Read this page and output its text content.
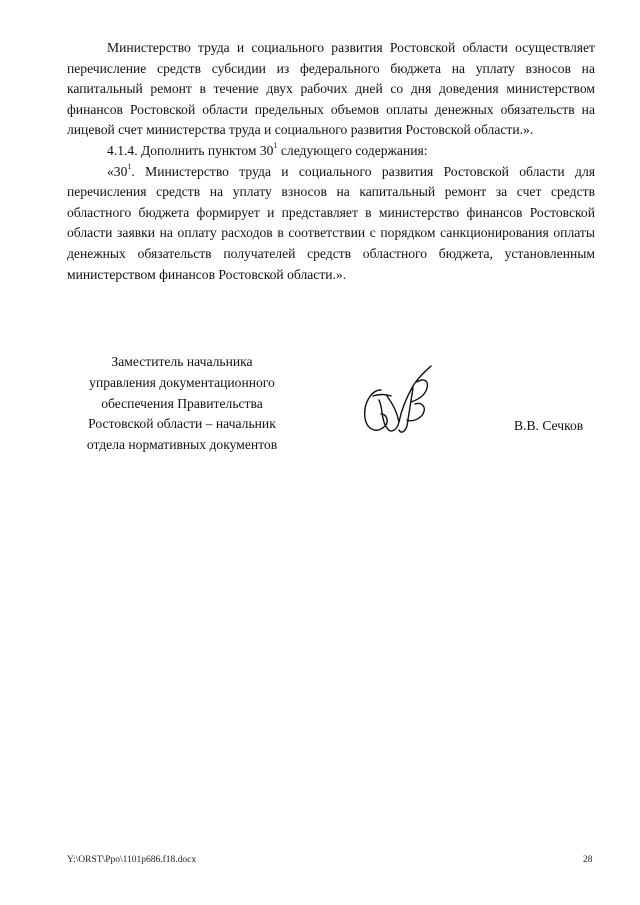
Министерство труда и социального развития Ростовской области осуществляет перечисление средств субсидии из федерального бюджета на уплату взносов на капитальный ремонт в течение двух рабочих дней со дня доведения министерством финансов Ростовской области предельных объемов оплаты денежных обязательств на лицевой счет министерства труда и социального развития Ростовской области.».

4.1.4. Дополнить пунктом $30^1$ следующего содержания:

«$30^1$. Министерство труда и социального развития Ростовской области для перечисления средств на уплату взносов на капитальный ремонт за счет средств областного бюджета формирует и представляет в министерство финансов Ростовской области заявки на оплату расходов в соответствии с порядком санкционирования оплаты денежных обязательств получателей средств областного бюджета, установленным министерством финансов Ростовской области.».

Заместитель начальника
управления документационного
обеспечения Правительства
Ростовской области – начальник
отдела нормативных документов
В.В. Сечков
Y:\ORST\Ppo\1101p686.f18.docx	28
